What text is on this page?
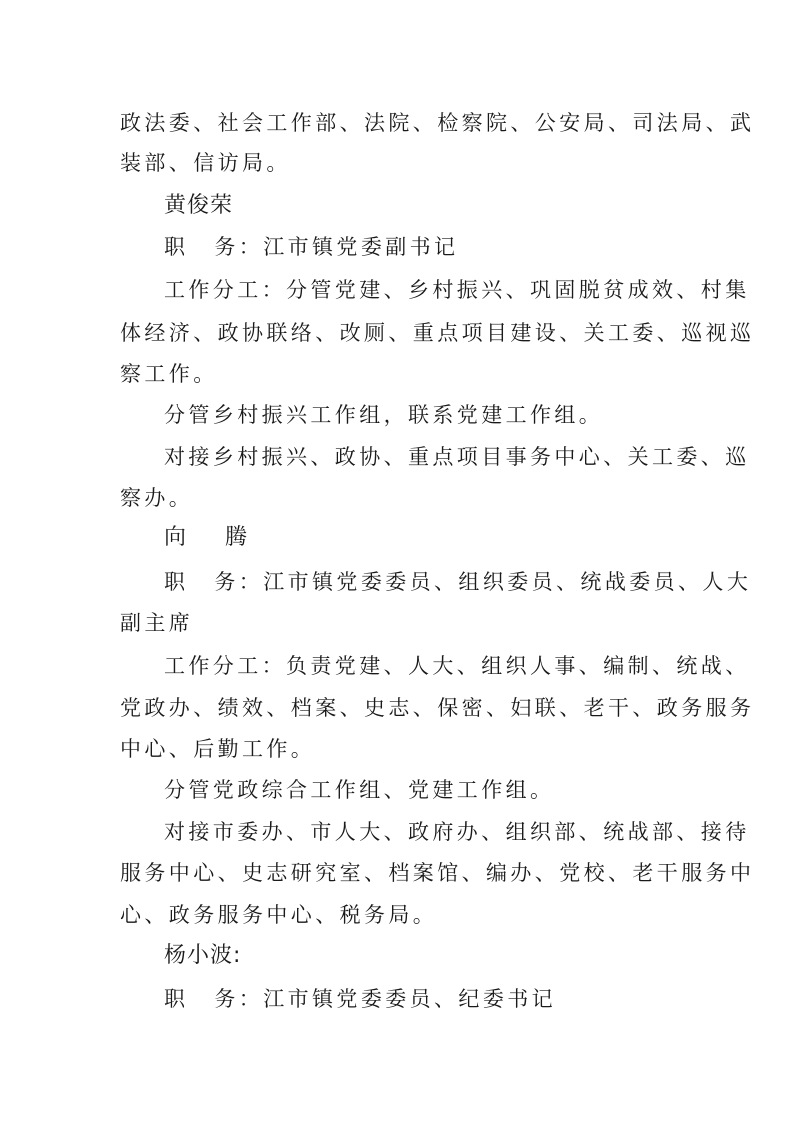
政法委、社会工作部、法院、检察院、公安局、司法局、武
装部、信访局。
黄俊荣
职 务：江市镇党委副书记
工作分工：分管党建、乡村振兴、巩固脱贫成效、村集
体经济、政协联络、改厕、重点项目建设、关工委、巡视巡
察工作。
分管乡村振兴工作组，联系党建工作组。
对接乡村振兴、政协、重点项目事务中心、关工委、巡
察办。
向 腾
职 务：江市镇党委委员、组织委员、统战委员、人大
副主席
工作分工：负责党建、人大、组织人事、编制、统战、
党政办、绩效、档案、史志、保密、妇联、老干、政务服务
中心、后勤工作。
分管党政综合工作组、党建工作组。
对接市委办、市人大、政府办、组织部、统战部、接待
服务中心、史志研究室、档案馆、编办、党校、老干服务中
心、政务服务中心、税务局。
杨小波:
职 务：江市镇党委委员、纪委书记
